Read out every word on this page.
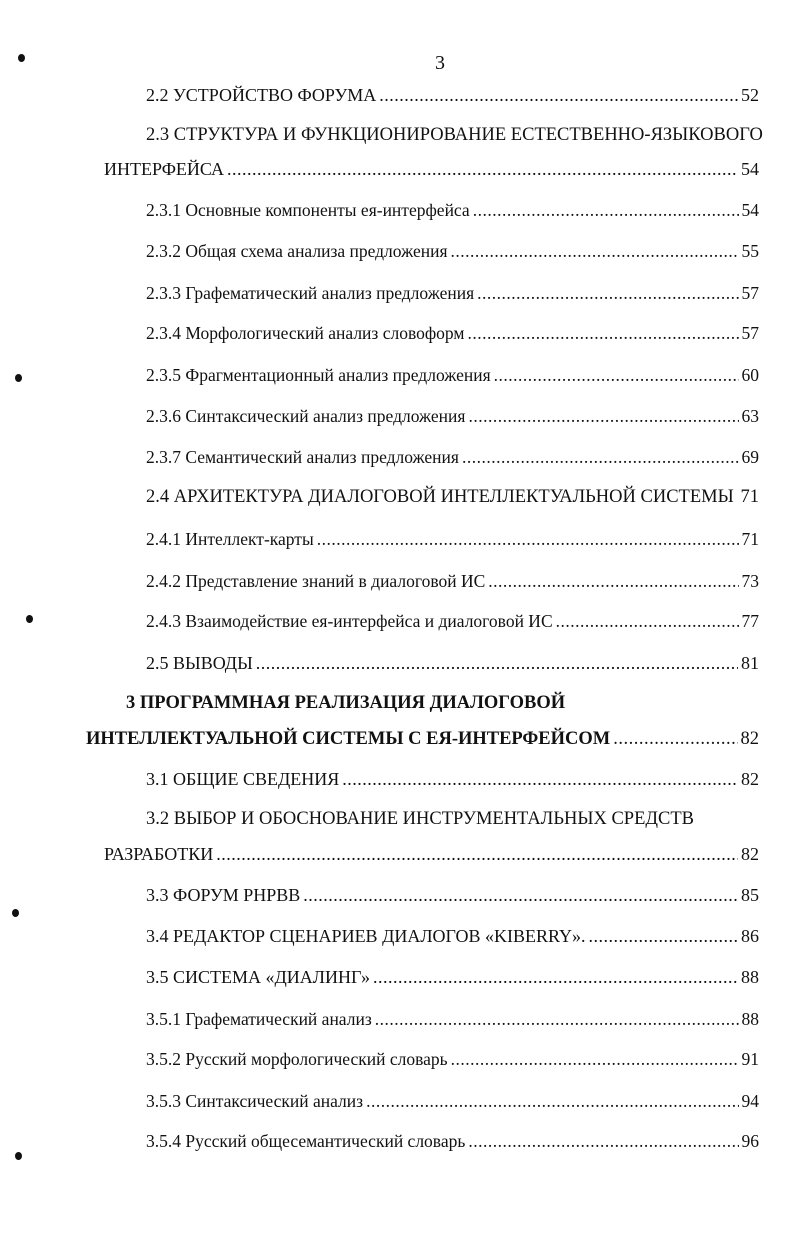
3
2.2 УСТРОЙСТВО ФОРУМА .....	52
2.3 СТРУКТУРА И ФУНКЦИОНИРОВАНИЕ ЕСТЕСТВЕННО-ЯЗЫКОВОГО
ИНТЕРФЕЙСА .....	54
2.3.1 Основные компоненты ея-интерфейса .....	54
2.3.2 Общая схема анализа предложения .....	55
2.3.3 Графематический анализ предложения .....	57
2.3.4 Морфологический анализ словоформ .....	57
2.3.5 Фрагментационный анализ предложения .....	60
2.3.6 Синтаксический анализ предложения .....	63
2.3.7 Семантический анализ предложения .....	69
2.4 АРХИТЕКТУРА ДИАЛОГОВОЙ ИНТЕЛЛЕКТУАЛЬНОЙ СИСТЕМЫ ..... 71
2.4.1 Интеллект-карты .....	71
2.4.2 Представление знаний в диалоговой ИС .....	73
2.4.3 Взаимодействие ея-интерфейса и диалоговой ИС .....	77
2.5 ВЫВОДЫ .....	81
3 ПРОГРАММНАЯ РЕАЛИЗАЦИЯ ДИАЛОГОВОЙ
ИНТЕЛЛЕКТУАЛЬНОЙ СИСТЕМЫ С ЕЯ-ИНТЕРФЕЙСОМ .....	82
3.1 ОБЩИЕ СВЕДЕНИЯ .....	82
3.2 ВЫБОР И ОБОСНОВАНИЕ ИНСТРУМЕНТАЛЬНЫХ СРЕДСТВ
РАЗРАБОТКИ .....	82
3.3 ФОРУМ PHPBB .....	85
3.4 РЕДАКТОР СЦЕНАРИЕВ ДИАЛОГОВ «KIBERRY». .....	86
3.5 СИСТЕМА «ДИАЛИНГ» .....	88
3.5.1 Графематический анализ .....	88
3.5.2 Русский морфологический словарь .....	91
3.5.3 Синтаксический анализ .....	94
3.5.4 Русский общесемантический словарь .....	96
